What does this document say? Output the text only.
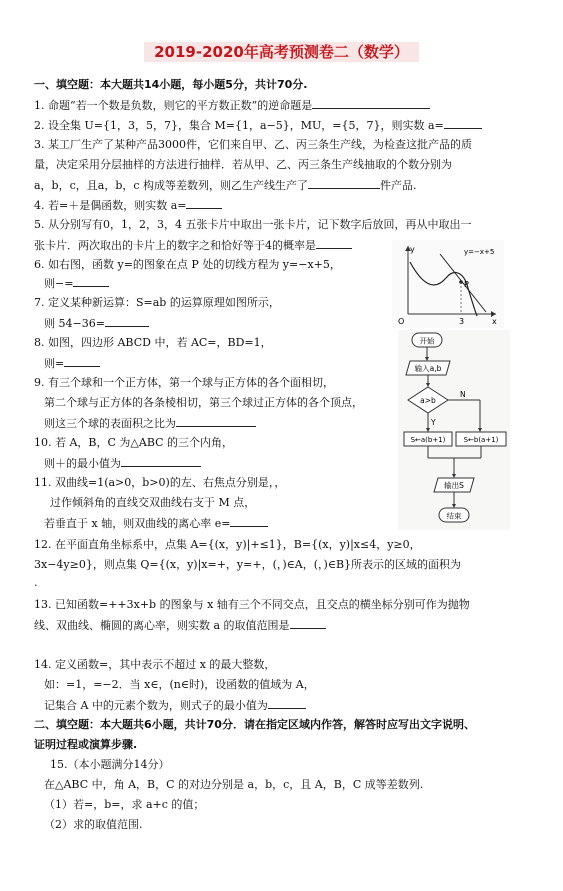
2019-2020年高考预测卷二（数学）
一、填空题：本大题共14小题，每小题5分，共计70分.
1. 命题“若一个数是负数，则它的平方数正数”的逆命题是
2. 设全集 U={1，3，5，7}，集合 M={1，a−5}，MU，={5，7}，则实数 a=
3. 某工厂生产了某种产品3000件，它们来自甲、乙、丙三条生产线，为检查这批产品的质
量，决定采用分层抽样的方法进行抽样．若从甲、乙、丙三条生产线抽取的个数分别为
a，b，c，且a，b，c 构成等差数列，则乙生产线生产了	件产品.
4. 若=＋是偶函数，则实数 a=
5. 从分别写有0，1，2，3，4 五张卡片中取出一张卡片，记下数字后放回，再从中取出一
张卡片．两次取出的卡片上的数字之和恰好等于4的概率是
6. 如右图，函数 y=的图象在点 P 处的切线方程为 y=−x+5，
则−=
7. 定义某种新运算：S=ab 的运算原理如图所示，
则 54−36=
8. 如图，四边形 ABCD 中，若 AC=，BD=1，
则=
9. 有三个球和一个正方体，第一个球与正方体的各个面相切，
第二个球与正方体的各条棱相切，第三个球过正方体的各个顶点，
则这三个球的表面积之比为
10. 若 A，B，C 为△ABC 的三个内角，
则＋的最小值为
11. 双曲线=1(a>0，b>0)的左、右焦点分别是，，
过作倾斜角的直线交双曲线右支于 M 点，
若垂直于 x 轴，则双曲线的离心率 e=
12. 在平面直角坐标系中，点集 A={(x，y)|+≤1}，B={(x，y)|x≤4，y≥0，
3x−4y≥0}，则点集 Q={(x，y)|x=+，y=+，(，)∈A，(，)∈B}所表示的区域的面积为
.
13. 已知函数=++3x+b 的图象与 x 轴有三个不同交点，且交点的横坐标分别可作为抛物
线、双曲线、椭圆的离心率，则实数 a 的取值范围是
14. 定义函数=，其中表示不超过 x 的最大整数，
如：=1，=−2．当 x∈，(n∈时)，设函数的值域为 A，
记集合 A 中的元素个数为，则式子的最小值为
二、填空题：本大题共6小题，共计70分．请在指定区域内作答，解答时应写出文字说明、
证明过程或演算步骤.
15.（本小题满分14分）
在△ABC 中，角 A，B，C 的对边分别是 a，b，c，且 A，B，C 成等差数列.
（1）若=，b=，求 a+c 的值；
（2）求的取值范围.
y	y=−x+5
P
O	3	x
开始
输入a,b
a>b
N
Y
S←a(b+1)	S←b(a+1)
输出S
结束
